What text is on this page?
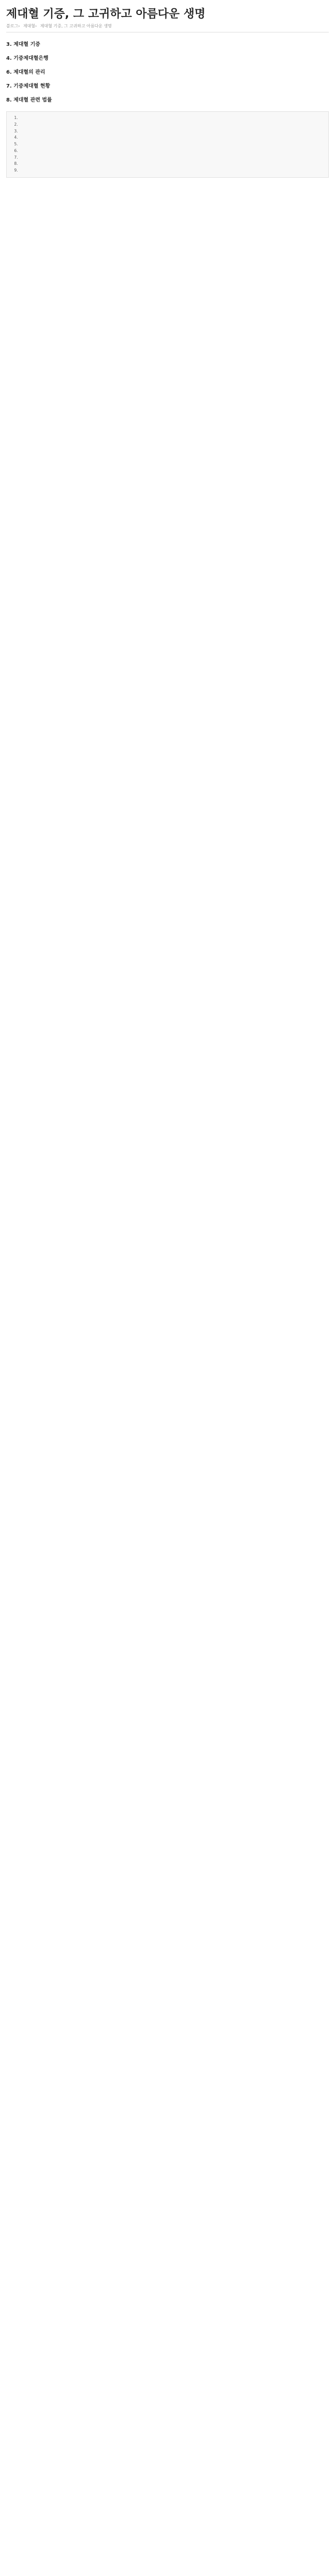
제대혈 기증, 그 고귀하고 아름다운 생명
블로그› 제대혈› 제대혈 기증, 그 고귀하고 아름다운 생명

3. 제대혈 기증

4. 기증제대혈은행

6. 제대혈의 관리

7. 기증제대혈 현황

8. 제대혈 관련 법률

1.
2.
3.
4.
5.
6.
7.
8.
9.
